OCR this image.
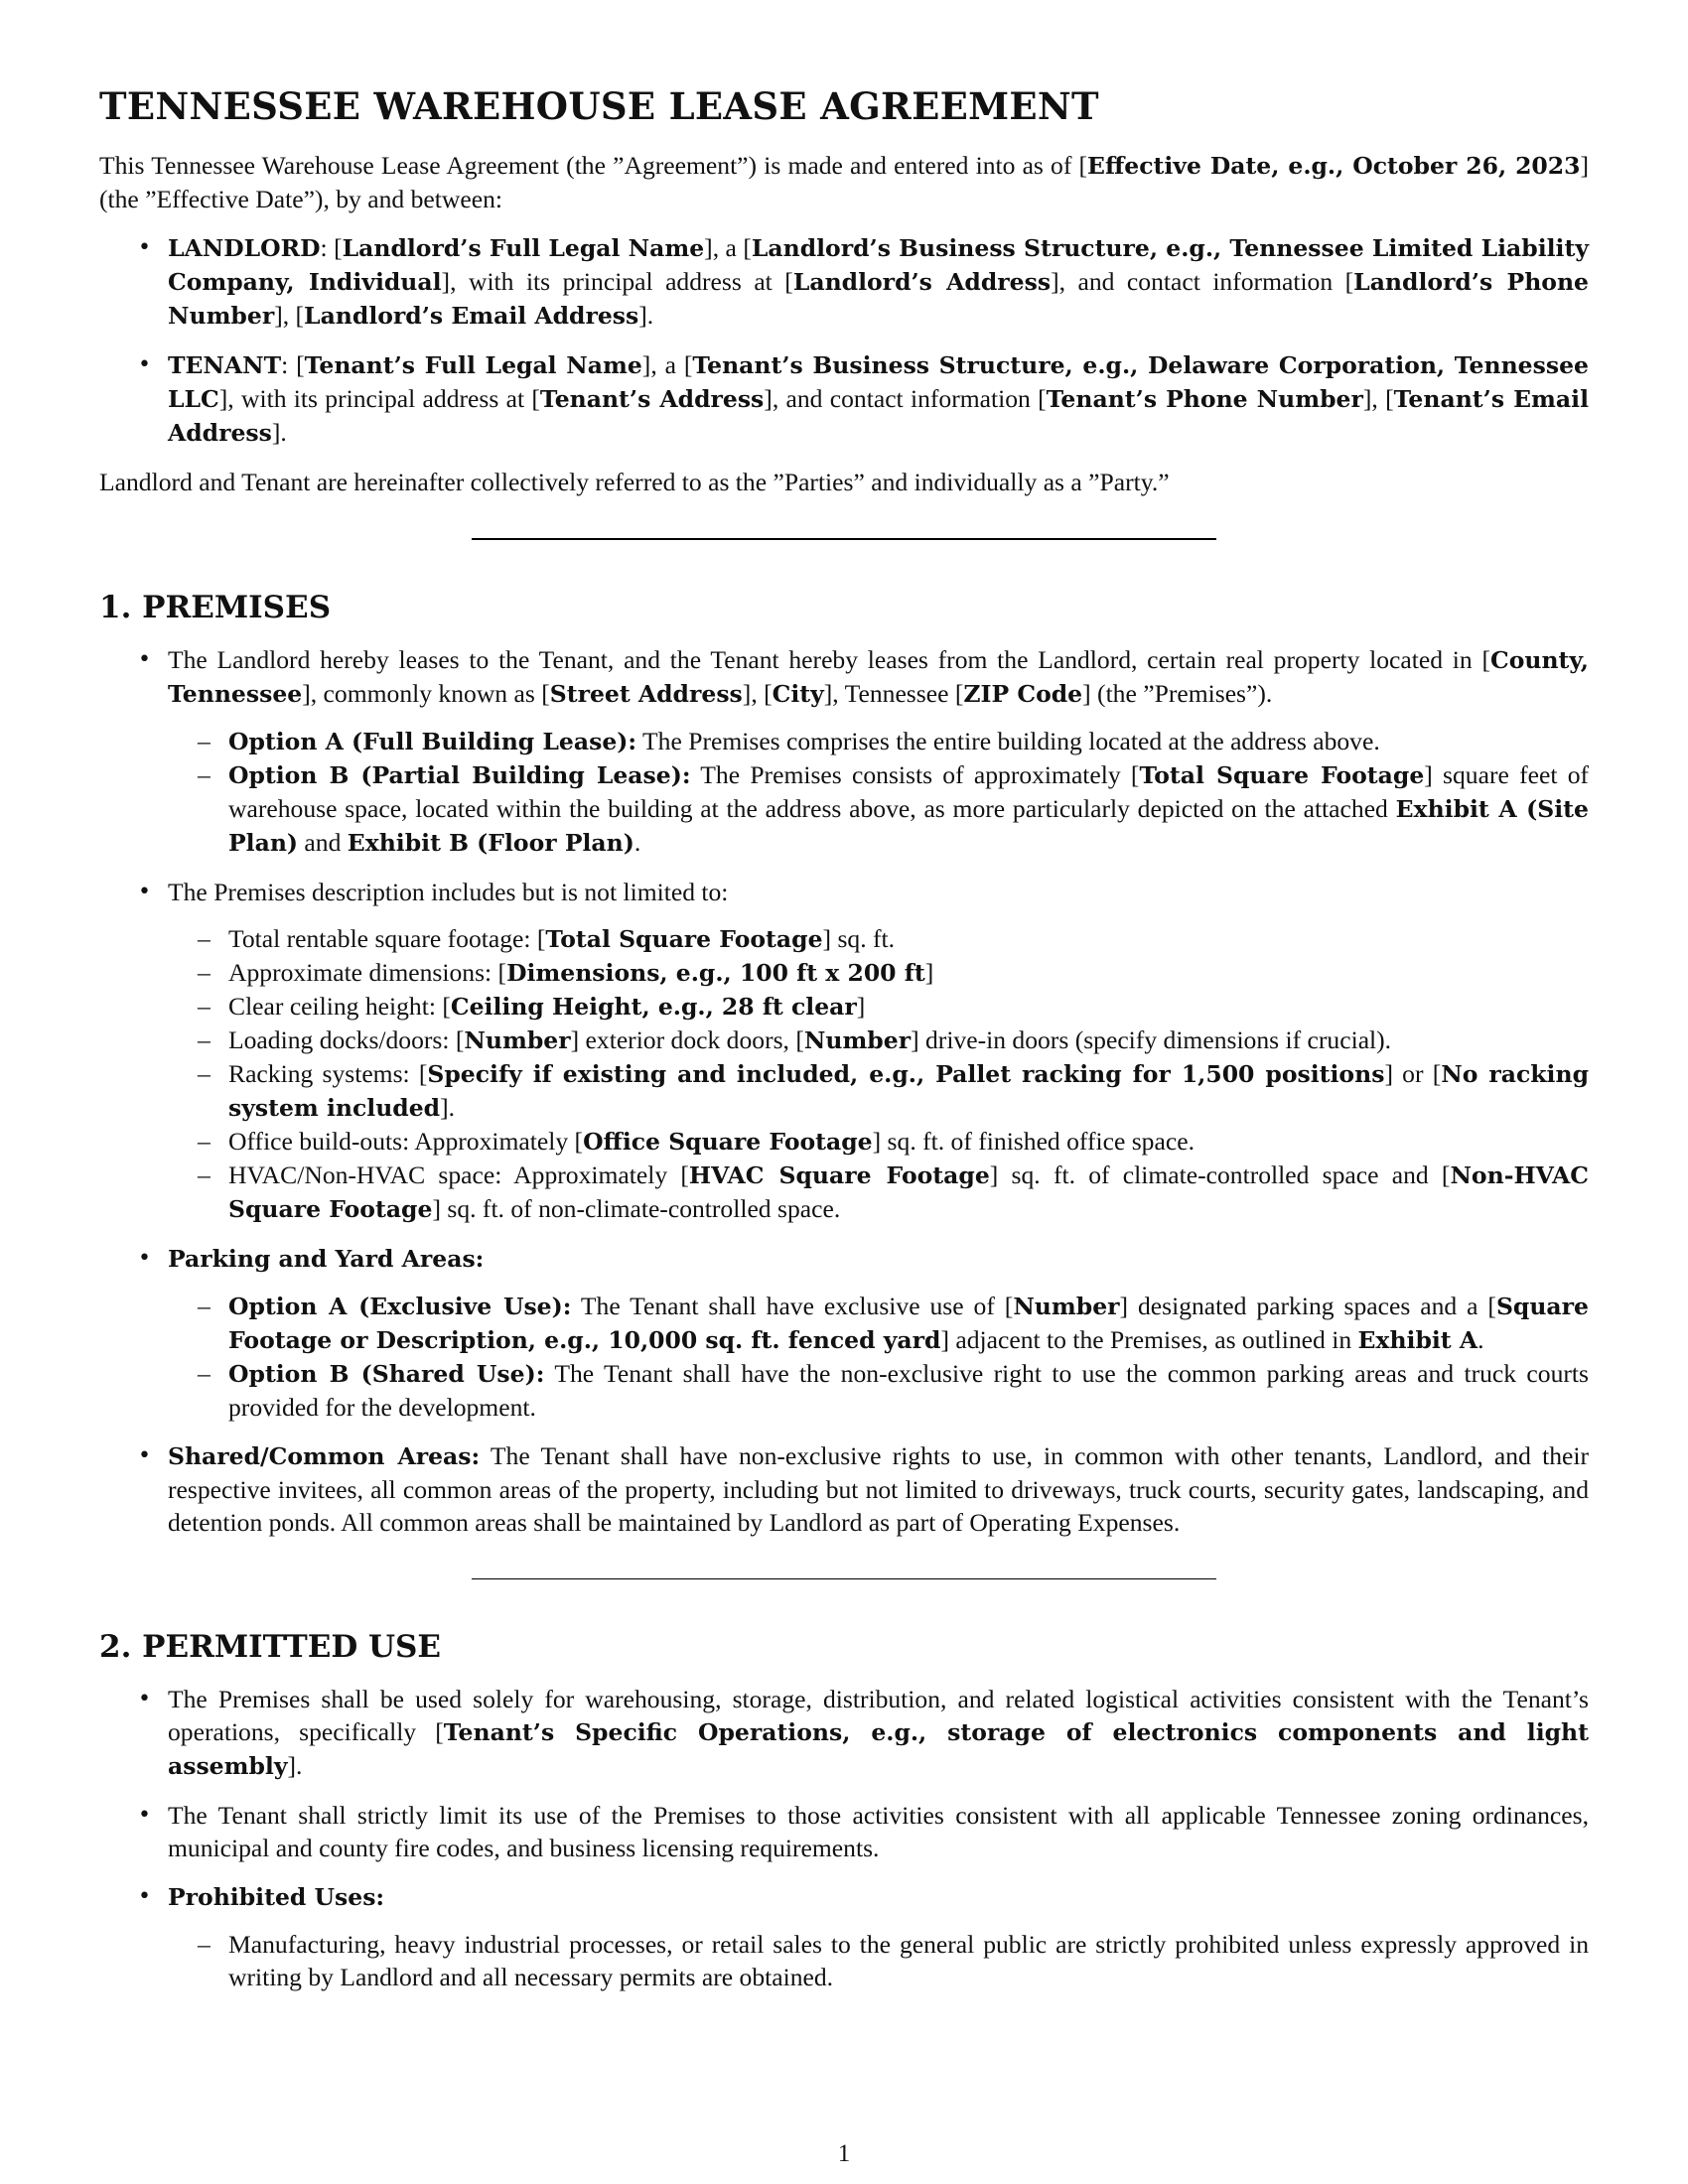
TENNESSEE WAREHOUSE LEASE AGREEMENT

This Tennessee Warehouse Lease Agreement (the ”Agreement”) is made and entered into as of [Effective Date, e.g., October 26, 2023] (the ”Effective Date”), by and between:

• LANDLORD: [Landlord’s Full Legal Name], a [Landlord’s Business Structure, e.g., Tennessee Limited Liability Company, Individual], with its principal address at [Landlord’s Address], and contact information [Landlord’s Phone Number], [Landlord’s Email Address].
• TENANT: [Tenant’s Full Legal Name], a [Tenant’s Business Structure, e.g., Delaware Corporation, Tennessee LLC], with its principal address at [Tenant’s Address], and contact information [Tenant’s Phone Number], [Tenant’s Email Address].

Landlord and Tenant are hereinafter collectively referred to as the ”Parties” and individually as a ”Party.”

1. PREMISES
• The Landlord hereby leases to the Tenant, and the Tenant hereby leases from the Landlord, certain real property located in [County, Tennessee], commonly known as [Street Address], [City], Tennessee [ZIP Code] (the ”Premises”).
– Option A (Full Building Lease): The Premises comprises the entire building located at the address above.
– Option B (Partial Building Lease): The Premises consists of approximately [Total Square Footage] square feet of warehouse space, located within the building at the address above, as more particularly depicted on the attached Exhibit A (Site Plan) and Exhibit B (Floor Plan).
• The Premises description includes but is not limited to:
– Total rentable square footage: [Total Square Footage] sq. ft.
– Approximate dimensions: [Dimensions, e.g., 100 ft x 200 ft]
– Clear ceiling height: [Ceiling Height, e.g., 28 ft clear]
– Loading docks/doors: [Number] exterior dock doors, [Number] drive-in doors (specify dimensions if crucial).
– Racking systems: [Specify if existing and included, e.g., Pallet racking for 1,500 positions] or [No racking system included].
– Office build-outs: Approximately [Office Square Footage] sq. ft. of finished office space.
– HVAC/Non-HVAC space: Approximately [HVAC Square Footage] sq. ft. of climate-controlled space and [Non-HVAC Square Footage] sq. ft. of non-climate-controlled space.
• Parking and Yard Areas:
– Option A (Exclusive Use): The Tenant shall have exclusive use of [Number] designated parking spaces and a [Square Footage or Description, e.g., 10,000 sq. ft. fenced yard] adjacent to the Premises, as outlined in Exhibit A.
– Option B (Shared Use): The Tenant shall have the non-exclusive right to use the common parking areas and truck courts provided for the development.
• Shared/Common Areas: The Tenant shall have non-exclusive rights to use, in common with other tenants, Landlord, and their respective invitees, all common areas of the property, including but not limited to driveways, truck courts, security gates, landscaping, and detention ponds. All common areas shall be maintained by Landlord as part of Operating Expenses.
2. PERMITTED USE
• The Premises shall be used solely for warehousing, storage, distribution, and related logistical activities consistent with the Tenant’s operations, specifically [Tenant’s Specific Operations, e.g., storage of electronics components and light assembly].
• The Tenant shall strictly limit its use of the Premises to those activities consistent with all applicable Tennessee zoning ordinances, municipal and county fire codes, and business licensing requirements.
• Prohibited Uses:
– Manufacturing, heavy industrial processes, or retail sales to the general public are strictly prohibited unless expressly approved in writing by Landlord and all necessary permits are obtained.
1
